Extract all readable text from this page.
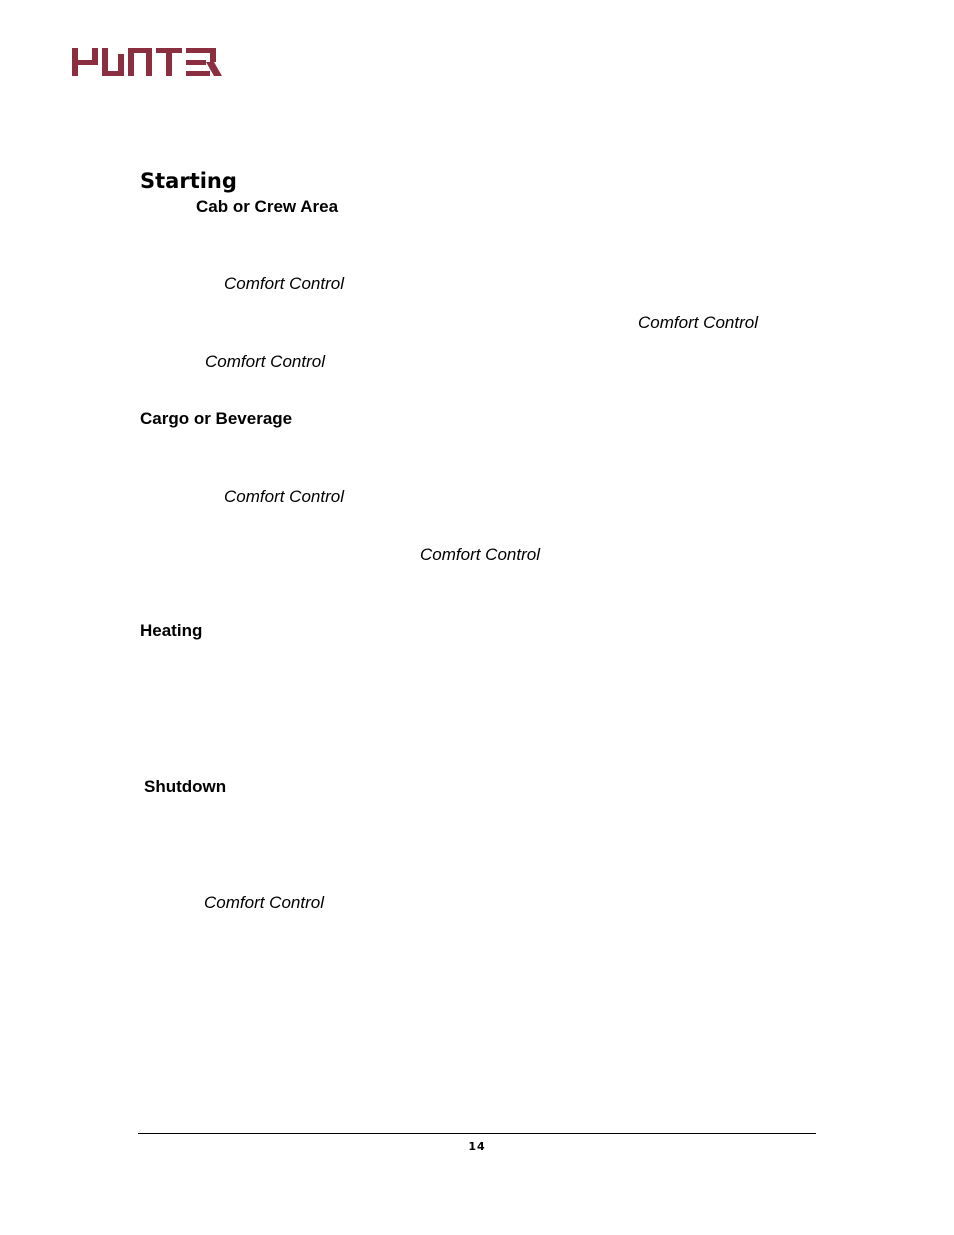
Starting
Cab or Crew Area
Comfort Control
Comfort Control
Comfort Control
Cargo or Beverage
Comfort Control
Comfort Control
Heating
Shutdown
Comfort Control
14
